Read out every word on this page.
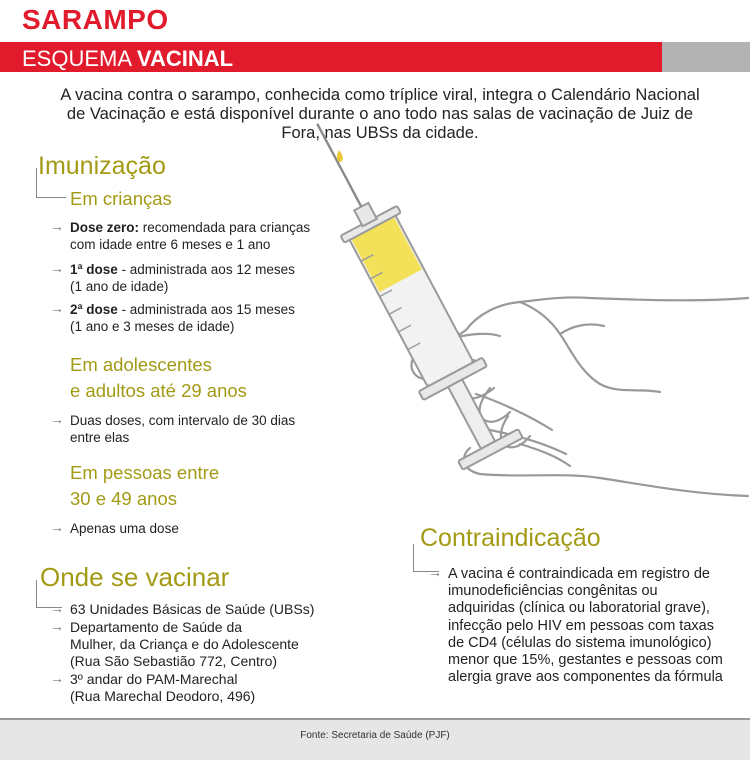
SARAMPO
ESQUEMA VACINAL
A vacina contra o sarampo, conhecida como tríplice viral, integra o Calendário Nacional de Vacinação e está disponível durante o ano todo nas salas de vacinação de Juiz de Fora, nas UBSs da cidade.
Imunização
Em crianças
→ Dose zero: recomendada para crianças
com idade entre 6 meses e 1 ano
→ 1ª dose - administrada aos 12 meses
(1 ano de idade)
→ 2ª dose - administrada aos 15 meses
(1 ano e 3 meses de idade)
Em adolescentes
e adultos até 29 anos
→ Duas doses, com intervalo de 30 dias
entre elas
Em pessoas entre
30 e 49 anos
→ Apenas uma dose
Onde se vacinar
→ 63 Unidades Básicas de Saúde (UBSs)
→ Departamento de Saúde da
Mulher, da Criança e do Adolescente
(Rua São Sebastião 772, Centro)
→ 3º andar do PAM-Marechal
(Rua Marechal Deodoro, 496)
Contraindicação
→ A vacina é contraindicada em registro de imunodeficiências congênitas ou adquiridas (clínica ou laboratorial grave), infecção pelo HIV em pessoas com taxas de CD4 (células do sistema imunológico) menor que 15%, gestantes e pessoas com alergia grave aos componentes da fórmula
Fonte: Secretaria de Saúde (PJF)
